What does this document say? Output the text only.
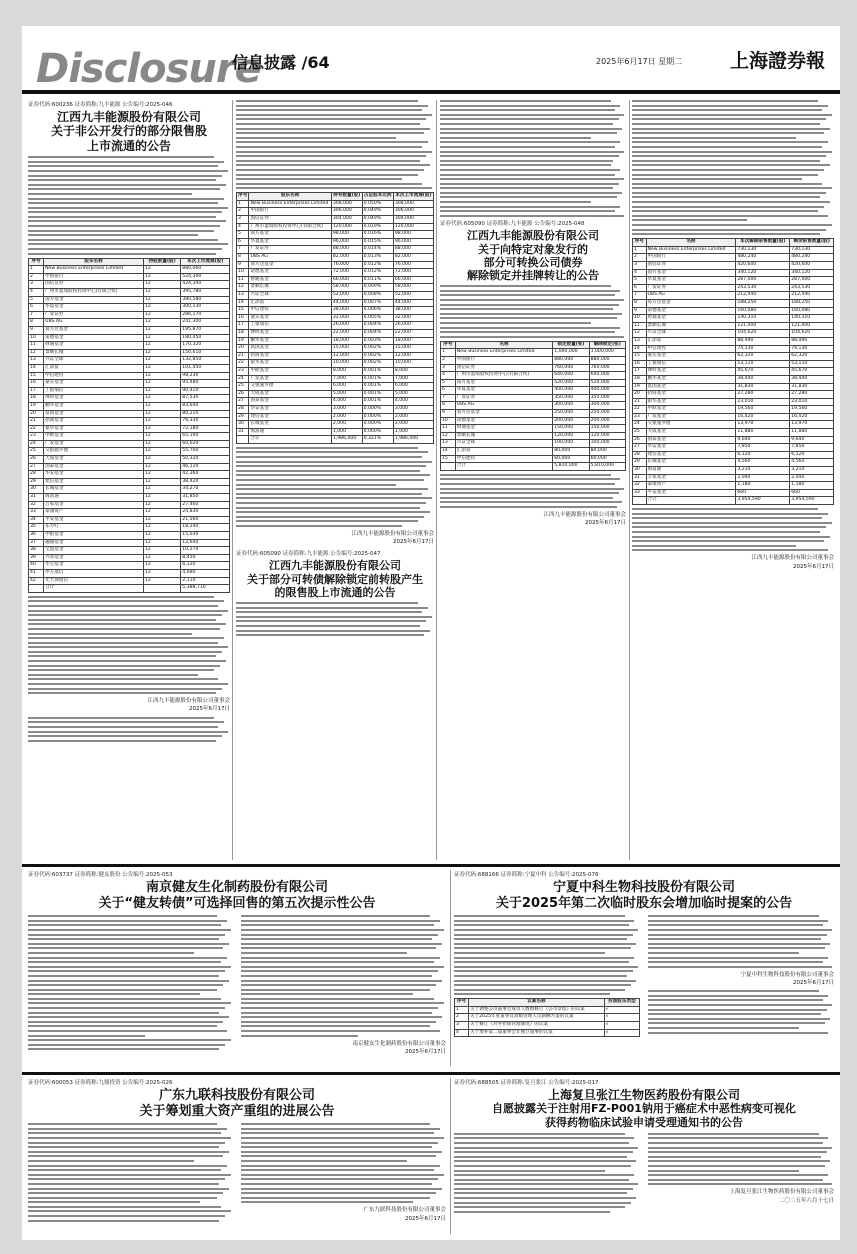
Disclosure
信息披露 /64	2025年6月17日 星期二	上海證券報
证券代码:600236 证券简称:九丰能源 公告编号:2025-046
江西九丰能源股份有限公司
关于非公开发行的部分限售股
上市流通的公告
序号	股东名称	持股数量(股)	本次上市流通(股)
1	New Business Enterprises Limited	12	880,060
2	中国银行	12	524,300
3	国信证券	12	424,340
4	广州市盈瑞股权投资中心(有限合伙)	12	395,780
5	南方基金	12	380,580
6	华夏基金	12	300,130
7	广发证券	12	286,170
8	UBS AG	12	241,300
9	易方达基金	12	195,870
10	诺德基金	12	180,450
11	财通基金	12	170,320
12	景顺长城	12	150,610
13	兴证全球	12	132,850
14	汇添富	12	101,450
15	中信建投	12	98,230
16	嘉实基金	12	95,480
17	工银瑞信	12	90,410
18	博时基金	12	87,530
19	鹏华基金	12	83,640
20	富国基金	12	80,210
21	招商基金	12	76,330
22	银华基金	12	72,180
23	中欧基金	12	65,190
24	广发基金	12	60,020
25	交银施罗德	12	55,700
26	大成基金	12	50,320
27	国泰基金	12	46,110
28	华安基金	12	42,360
29	建信基金	12	38,420
30	长城基金	12	34,270
31	海富通	12	31,850
32	万家基金	12	27,460
33	泰康资产	12	24,830
34	平安基金	12	21,560
35	东方红	12	18,240
36	中银基金	12	15,030
37	融通基金	12	12,640
38	宝盈基金	12	10,270
39	兴业基金	12	8,450
40	华宝基金	12	6,120
41	申万菱信	12	4,080
42	光大保德信	12	2,110
	合计		5,388,710
江西九丰能源股份有限公司董事会
2025年6月17日
序号	股东名称	持有数量(股)	占总股本比例	本次上市流通(股)
1	New Business Enterprises Limited	308,000	0.050%	308,000
2	中国银行	306,000	0.049%	306,000
3	国信证券	304,000	0.049%	304,000
4	广州市盈瑞股权投资中心(有限合伙)	120,000	0.019%	120,000
5	南方基金	98,000	0.016%	98,000
6	华夏基金	96,000	0.015%	96,000
7	广发证券	88,000	0.014%	88,000
8	UBS AG	82,000	0.013%	82,000
9	易方达基金	76,000	0.012%	76,000
10	诺德基金	72,000	0.012%	72,000
11	财通基金	66,000	0.011%	66,000
12	景顺长城	58,000	0.009%	58,000
13	兴证全球	52,000	0.008%	52,000
14	汇添富	44,000	0.007%	44,000
15	中信建投	38,000	0.006%	38,000
16	嘉实基金	32,000	0.005%	32,000
17	工银瑞信	26,000	0.004%	26,000
18	博时基金	22,000	0.004%	22,000
19	鹏华基金	18,000	0.003%	18,000
20	富国基金	15,000	0.002%	15,000
21	招商基金	12,000	0.002%	12,000
22	银华基金	10,000	0.002%	10,000
23	中欧基金	8,000	0.001%	8,000
24	广发基金	7,000	0.001%	7,000
25	交银施罗德	6,000	0.001%	6,000
26	大成基金	5,000	0.001%	5,000
27	国泰基金	4,000	0.001%	4,000
28	华安基金	3,000	0.000%	3,000
29	建信基金	2,000	0.000%	2,000
30	长城基金	2,000	0.000%	2,000
31	海富通	1,000	0.000%	1,000
	合计	1,986,000	0.321%	1,986,000
江西九丰能源股份有限公司董事会
2025年6月17日
证券代码:605090 证券简称:九丰能源 公告编号:2025-047
江西九丰能源股份有限公司
关于部分可转债解除锁定前转股产生
的限售股上市流通的公告
证券代码:605090 证券简称:九丰能源 公告编号:2025-048
江西九丰能源股份有限公司
关于向特定对象发行的
部分可转换公司债券
解除锁定并挂牌转让的公告
序号	名称	锁定数量(张)	解除锁定(张)
1	New Business Enterprises Limited	1,000,000	1,000,000
2	中国银行	880,000	880,000
3	国信证券	760,000	760,000
4	广州市盈瑞股权投资中心(有限合伙)	640,000	640,000
5	南方基金	520,000	520,000
6	华夏基金	400,000	400,000
7	广发证券	350,000	350,000
8	UBS AG	300,000	300,000
9	易方达基金	250,000	250,000
10	诺德基金	200,000	200,000
11	财通基金	150,000	150,000
12	景顺长城	120,000	120,000
13	兴证全球	100,000	100,000
14	汇添富	80,000	80,000
15	中信建投	60,000	60,000
	合计	5,810,000	5,810,000
江西九丰能源股份有限公司董事会
2025年6月17日
序号	名称	本次解除限售数量(股)	剩余限售数量(股)
1	New Business Enterprises Limited	730,130	730,130
2	中国银行	480,240	480,240
3	国信证券	420,600	420,600
4	南方基金	340,120	340,120
5	华夏基金	287,000	287,000
6	广发证券	243,530	243,530
7	UBS AG	212,440	212,440
8	易方达基金	188,250	188,250
9	诺德基金	160,080	160,080
10	财通基金	140,310	140,310
11	景顺长城	121,000	121,000
12	兴证全球	104,620	104,620
13	汇添富	88,490	88,490
14	中信建投	74,130	74,130
15	嘉实基金	62,320	62,320
16	工银瑞信	53,110	53,110
17	博时基金	45,670	45,670
18	鹏华基金	38,440	38,440
19	富国基金	31,830	31,830
20	招商基金	27,280	27,280
21	银华基金	23,010	23,010
22	中欧基金	19,560	19,560
23	广发基金	16,420	16,420
24	交银施罗德	13,970	13,970
25	大成基金	11,880	11,880
26	国泰基金	9,640	9,640
27	华安基金	7,850	7,850
28	建信基金	6,120	6,120
29	长城基金	4,560	4,560
30	海富通	3,210	3,210
31	万家基金	2,040	2,040
32	泰康资产	1,180	1,180
33	平安基金	660	660
	合计	3,954,590	3,954,590
江西九丰能源股份有限公司董事会
2025年6月17日
证券代码:603737 证券简称:健友股份 公告编号:2025-053
南京健友生化制药股份有限公司
关于“健友转债”可选择回售的第五次提示性公告
南京健友生化制药股份有限公司董事会
2025年6月17日
证券代码:688166 证券简称:宁夏中科 公告编号:2025-076
宁夏中科生物科技股份有限公司
关于2025年第二次临时股东会增加临时提案的公告
序号	议案名称	投票股东类型
1	关于调整公司董事会成员人数暨修订《公司章程》的议案	√
2	关于2025年度董事及高级管理人员薪酬方案的议案	√
3	关于修订《对外担保管理制度》的议案	√
4	关于增补第二届董事会非独立董事的议案	√
宁夏中科生物科技股份有限公司董事会
2025年6月17日
证券代码:600053 证券简称:九鼎投资 公告编号:2025-026
广东九联科技股份有限公司
关于筹划重大资产重组的进展公告
广东九联科技股份有限公司董事会
2025年6月17日
证券代码:688505 证券简称:复旦张江 公告编号:2025-017
上海复旦张江生物医药股份有限公司
自愿披露关于注射用FZ-P001钠用于癌症术中恶性病变可视化
获得药物临床试验申请受理通知书的公告
上海复旦张江生物医药股份有限公司董事会
二〇二五年六月十七日
